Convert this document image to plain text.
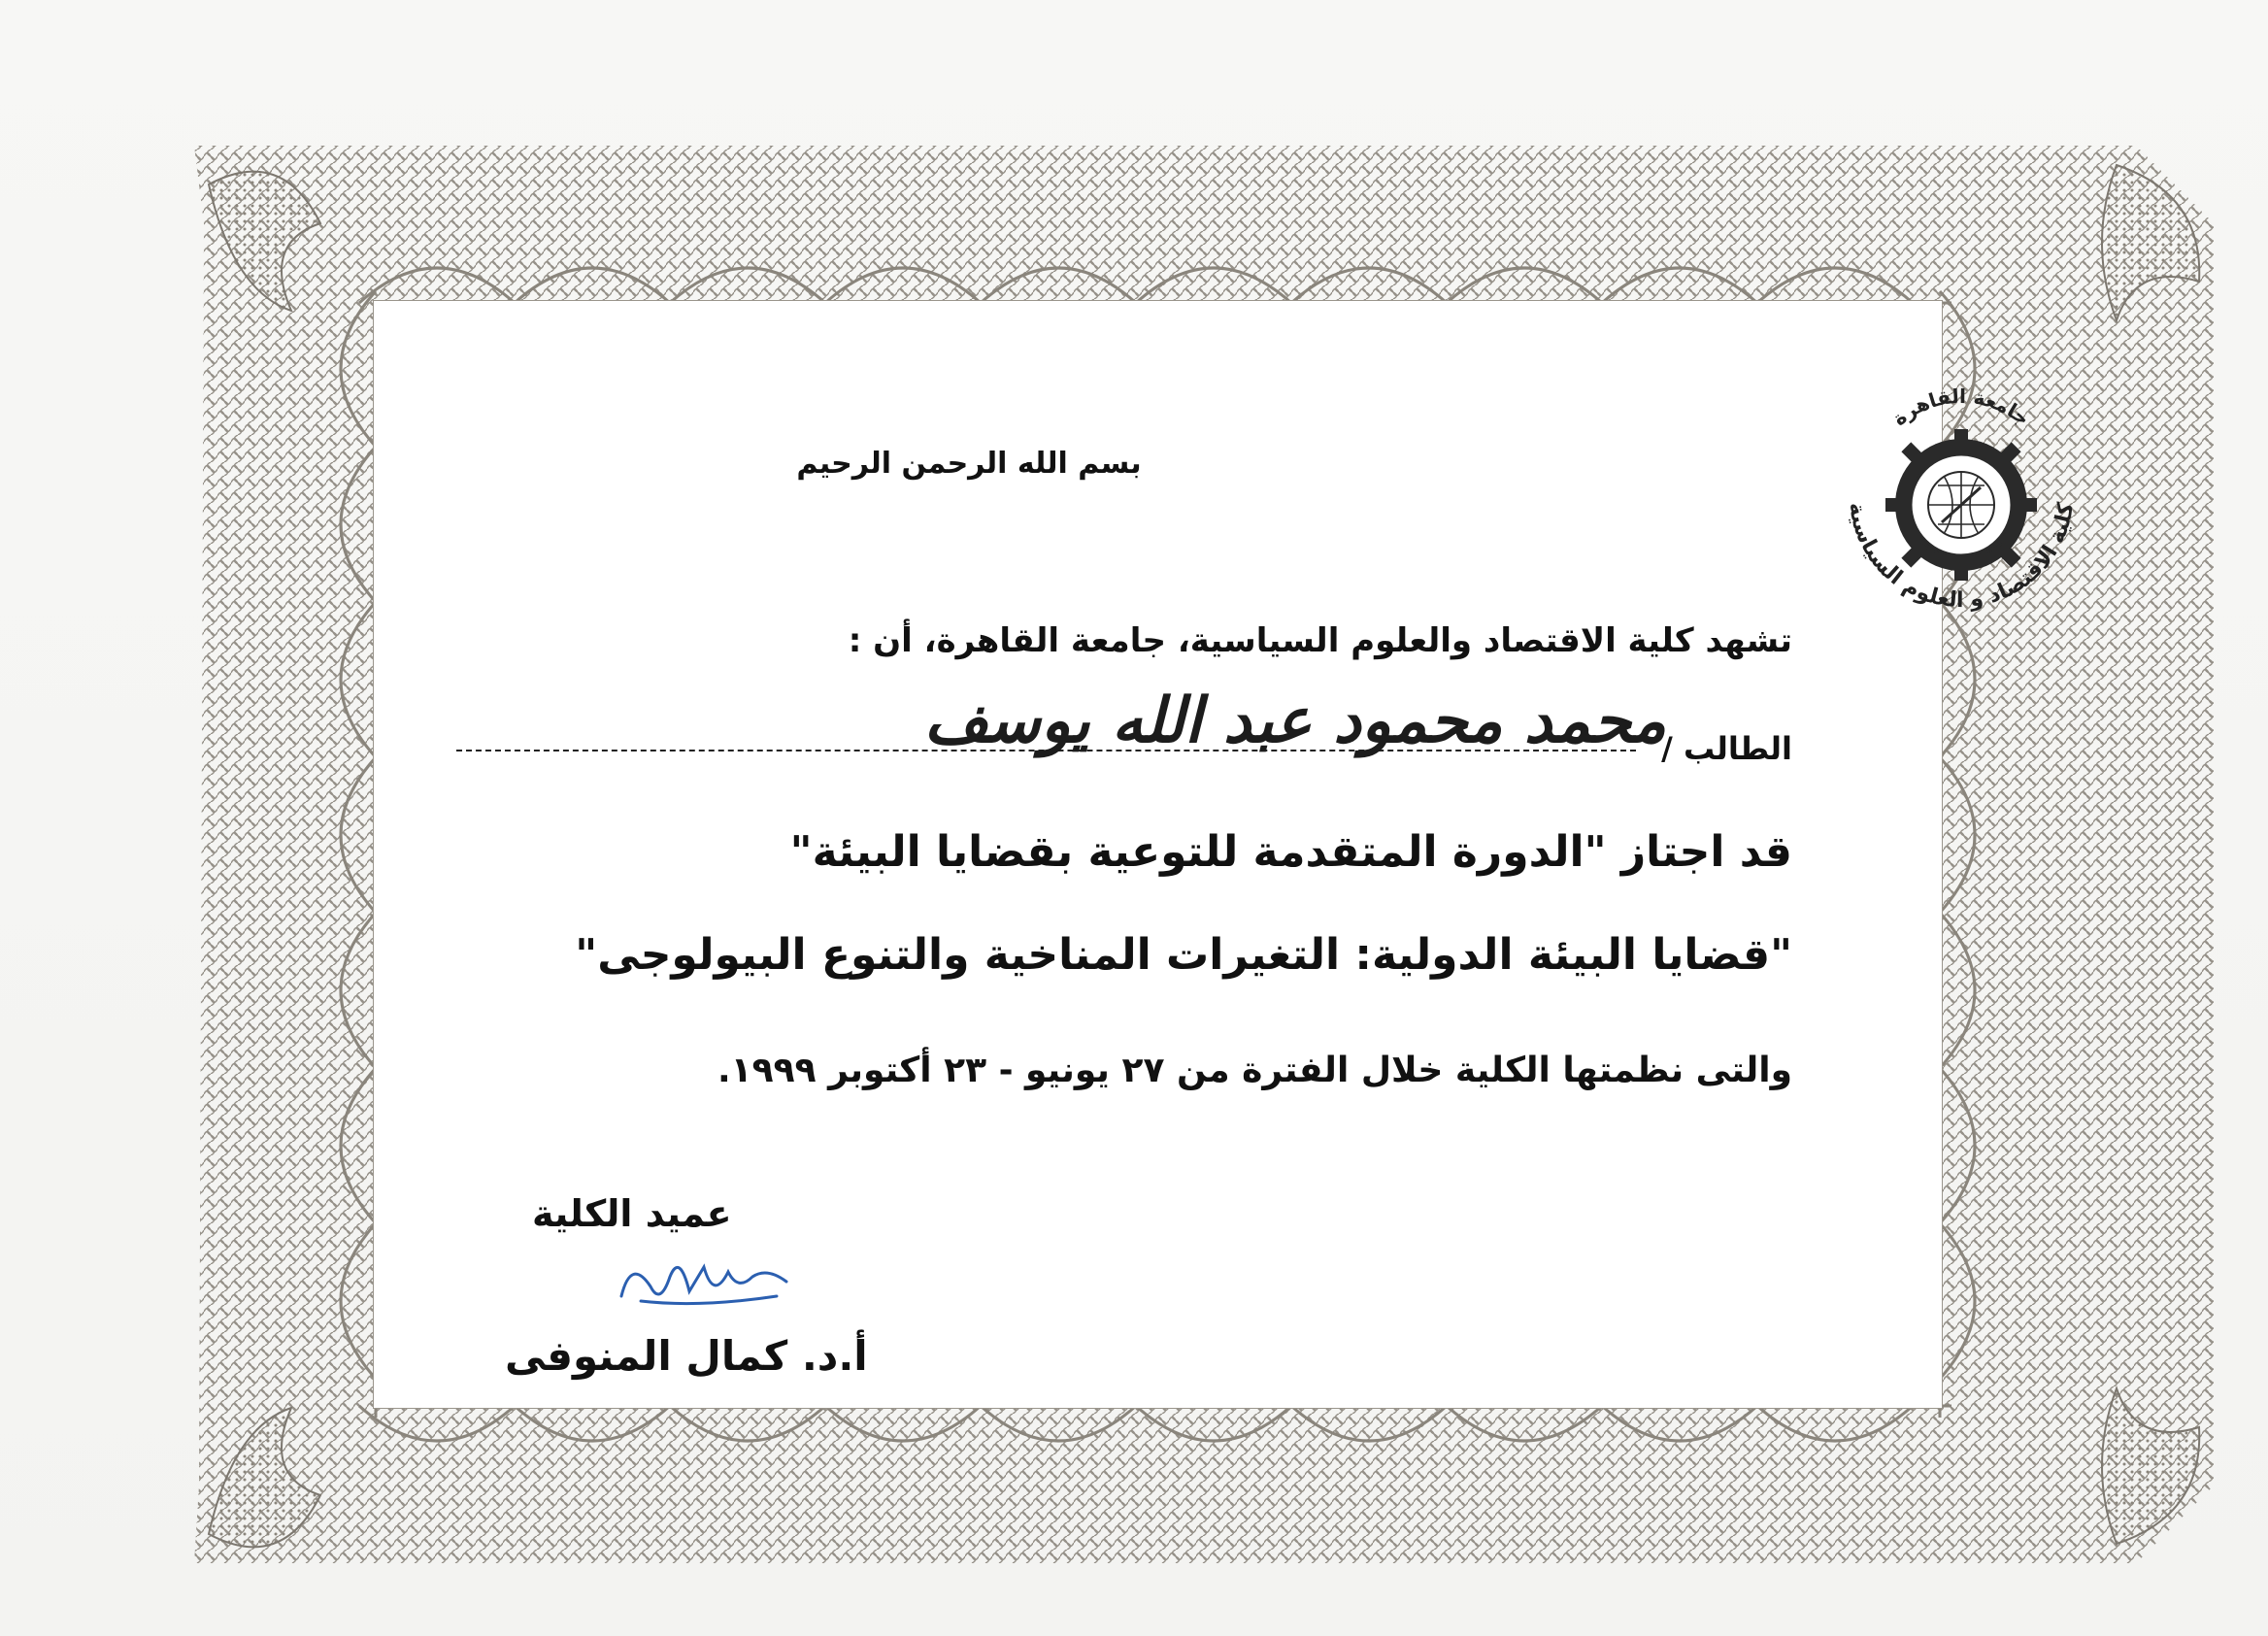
جامعة القاهرة
كلية الاقتصاد و العلوم السياسية
بسم الله الرحمن الرحيم
تشهد كلية الاقتصاد والعلوم السياسية، جامعة القاهرة، أن :
الطالب /
محمد محمود عبد الله يوسف
قد اجتاز "الدورة المتقدمة للتوعية بقضايا البيئة"
"قضايا البيئة الدولية: التغيرات المناخية والتنوع البيولوجى"
والتى نظمتها الكلية خلال الفترة من ٢٧ يونيو - ٢٣ أكتوبر ١٩٩٩.
عميد الكلية
أ.د. كمال المنوفى
